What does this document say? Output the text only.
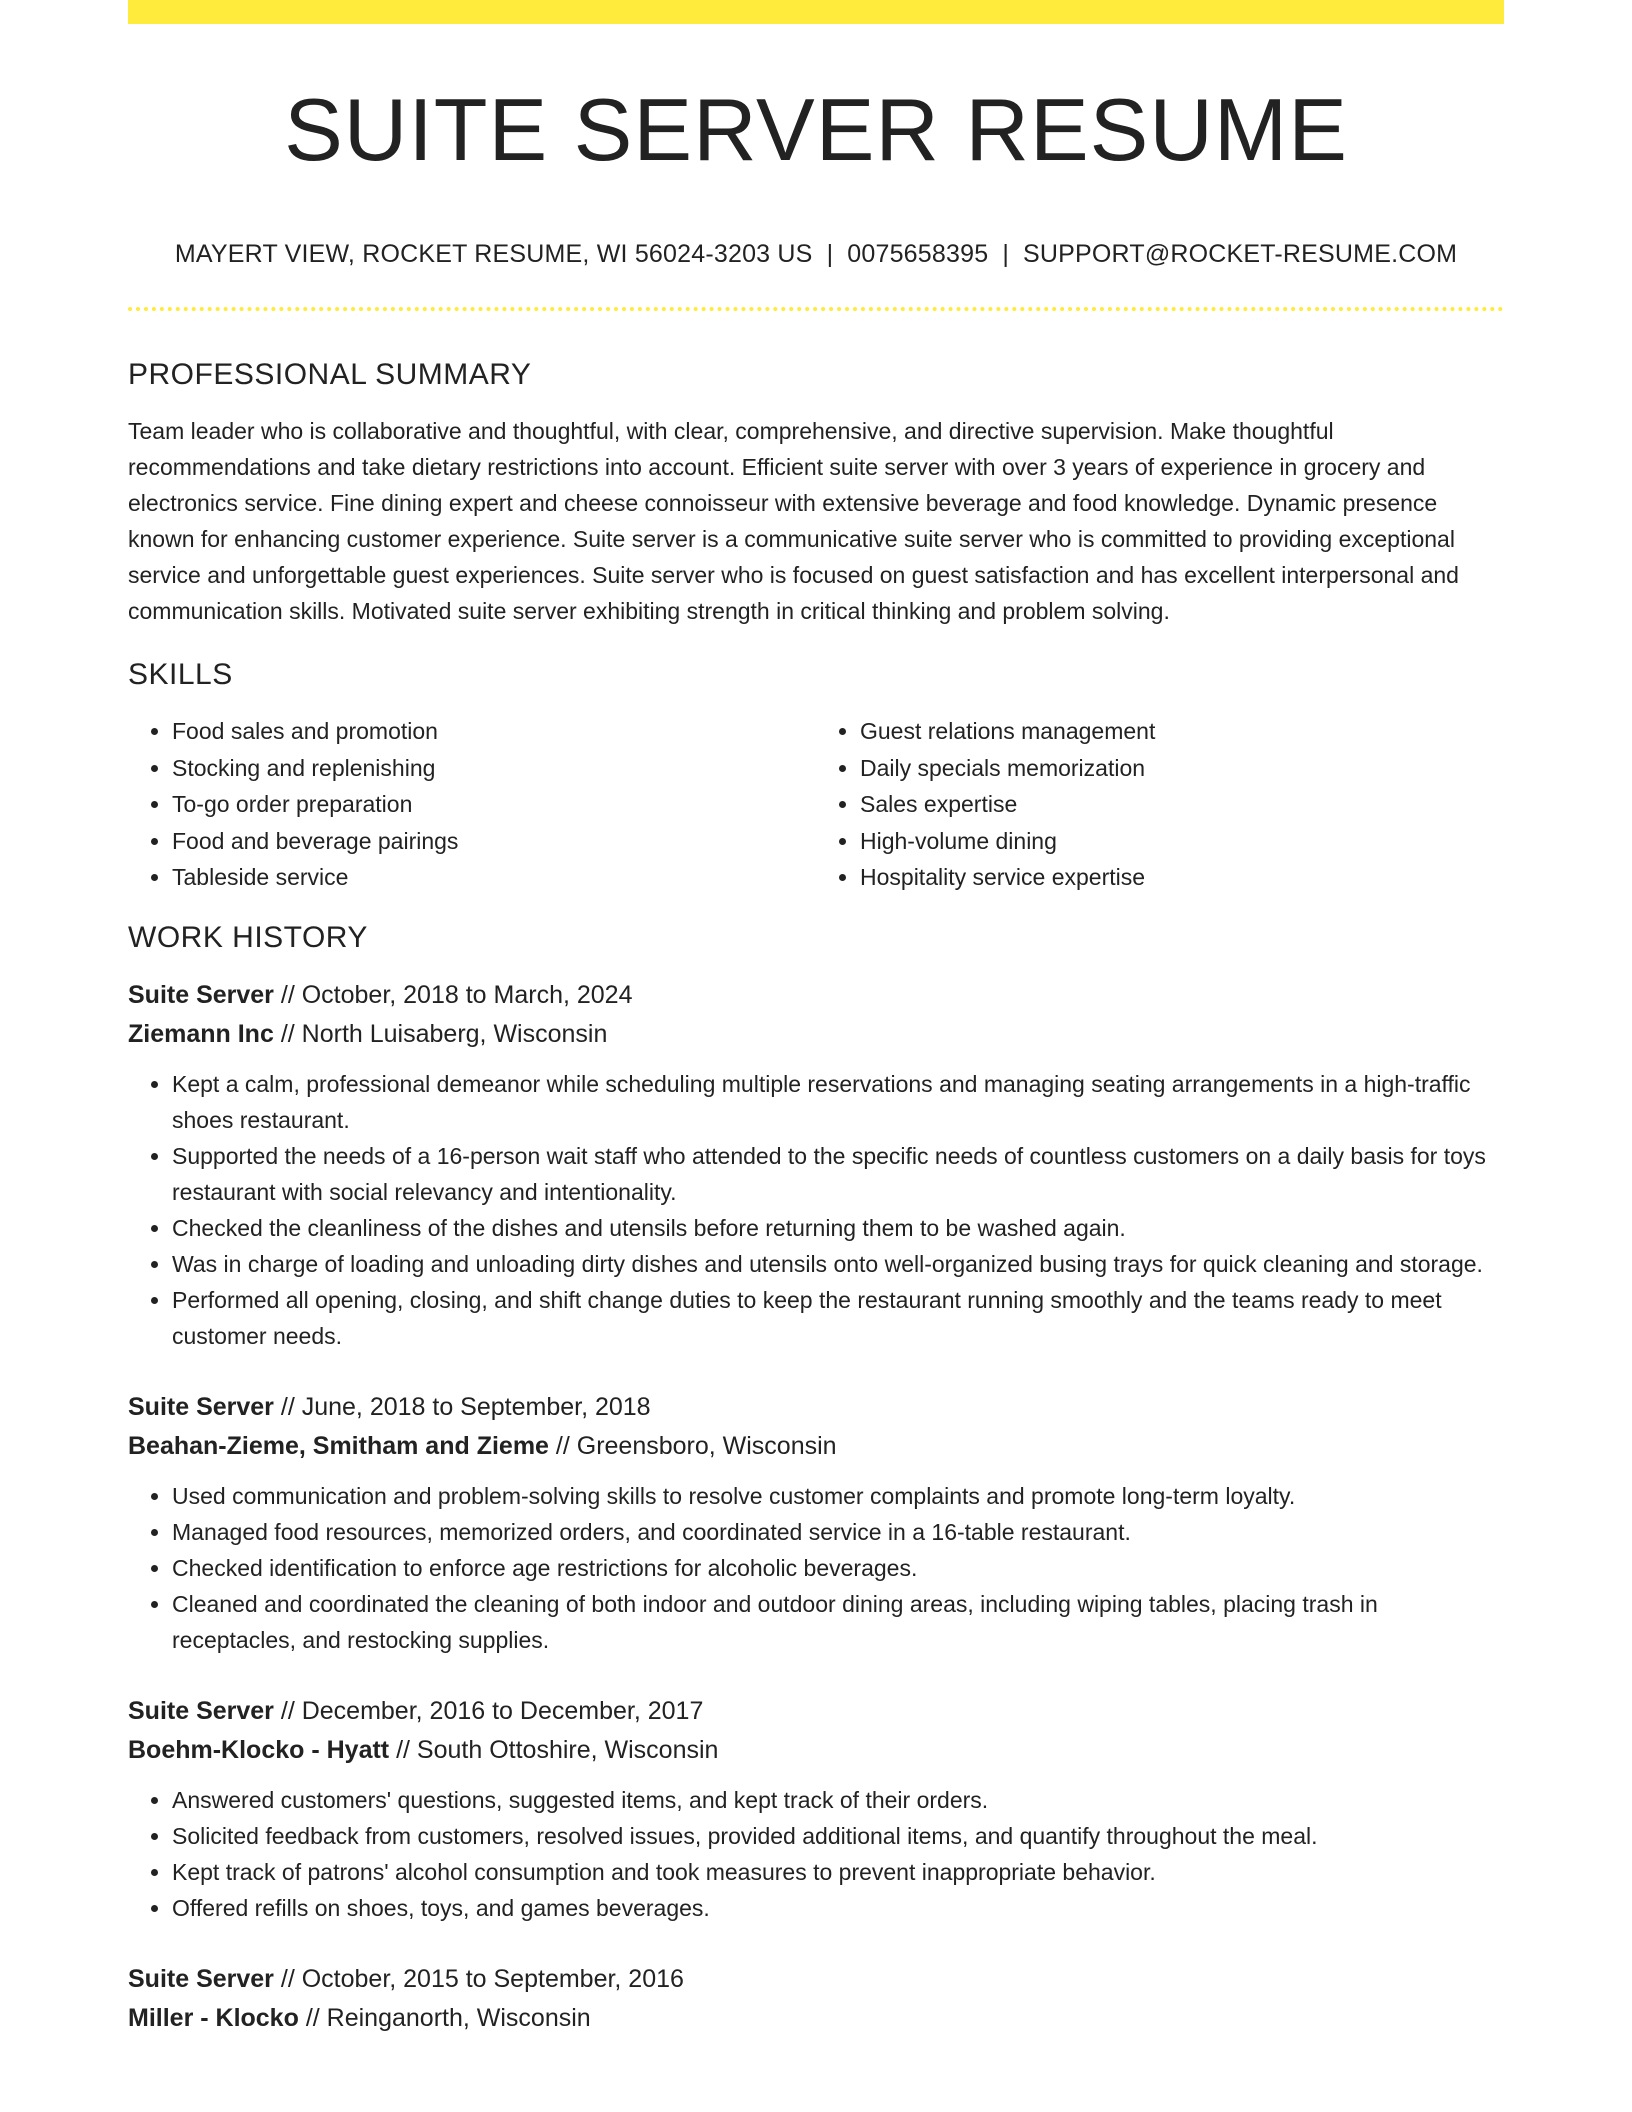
SUITE SERVER RESUME
MAYERT VIEW, ROCKET RESUME, WI 56024-3203 US | 0075658395 | SUPPORT@ROCKET-RESUME.COM
PROFESSIONAL SUMMARY

Team leader who is collaborative and thoughtful, with clear, comprehensive, and directive supervision. Make thoughtful recommendations and take dietary restrictions into account. Efficient suite server with over 3 years of experience in grocery and electronics service. Fine dining expert and cheese connoisseur with extensive beverage and food knowledge. Dynamic presence known for enhancing customer experience. Suite server is a communicative suite server who is committed to providing exceptional service and unforgettable guest experiences. Suite server who is focused on guest satisfaction and has excellent interpersonal and communication skills. Motivated suite server exhibiting strength in critical thinking and problem solving.

SKILLS
• Food sales and promotion
• Stocking and replenishing
• To-go order preparation
• Food and beverage pairings
• Tableside service
• Guest relations management
• Daily specials memorization
• Sales expertise
• High-volume dining
• Hospitality service expertise
WORK HISTORY
Suite Server // October, 2018 to March, 2024
Ziemann Inc // North Luisaberg, Wisconsin
• Kept a calm, professional demeanor while scheduling multiple reservations and managing seating arrangements in a high-traffic shoes restaurant.
• Supported the needs of a 16-person wait staff who attended to the specific needs of countless customers on a daily basis for toys restaurant with social relevancy and intentionality.
• Checked the cleanliness of the dishes and utensils before returning them to be washed again.
• Was in charge of loading and unloading dirty dishes and utensils onto well-organized busing trays for quick cleaning and storage.
• Performed all opening, closing, and shift change duties to keep the restaurant running smoothly and the teams ready to meet customer needs.
Suite Server // June, 2018 to September, 2018
Beahan-Zieme, Smitham and Zieme // Greensboro, Wisconsin
• Used communication and problem-solving skills to resolve customer complaints and promote long-term loyalty.
• Managed food resources, memorized orders, and coordinated service in a 16-table restaurant.
• Checked identification to enforce age restrictions for alcoholic beverages.
• Cleaned and coordinated the cleaning of both indoor and outdoor dining areas, including wiping tables, placing trash in receptacles, and restocking supplies.
Suite Server // December, 2016 to December, 2017
Boehm-Klocko - Hyatt // South Ottoshire, Wisconsin
• Answered customers' questions, suggested items, and kept track of their orders.
• Solicited feedback from customers, resolved issues, provided additional items, and quantify throughout the meal.
• Kept track of patrons' alcohol consumption and took measures to prevent inappropriate behavior.
• Offered refills on shoes, toys, and games beverages.
Suite Server // October, 2015 to September, 2016
Miller - Klocko // Reinganorth, Wisconsin
